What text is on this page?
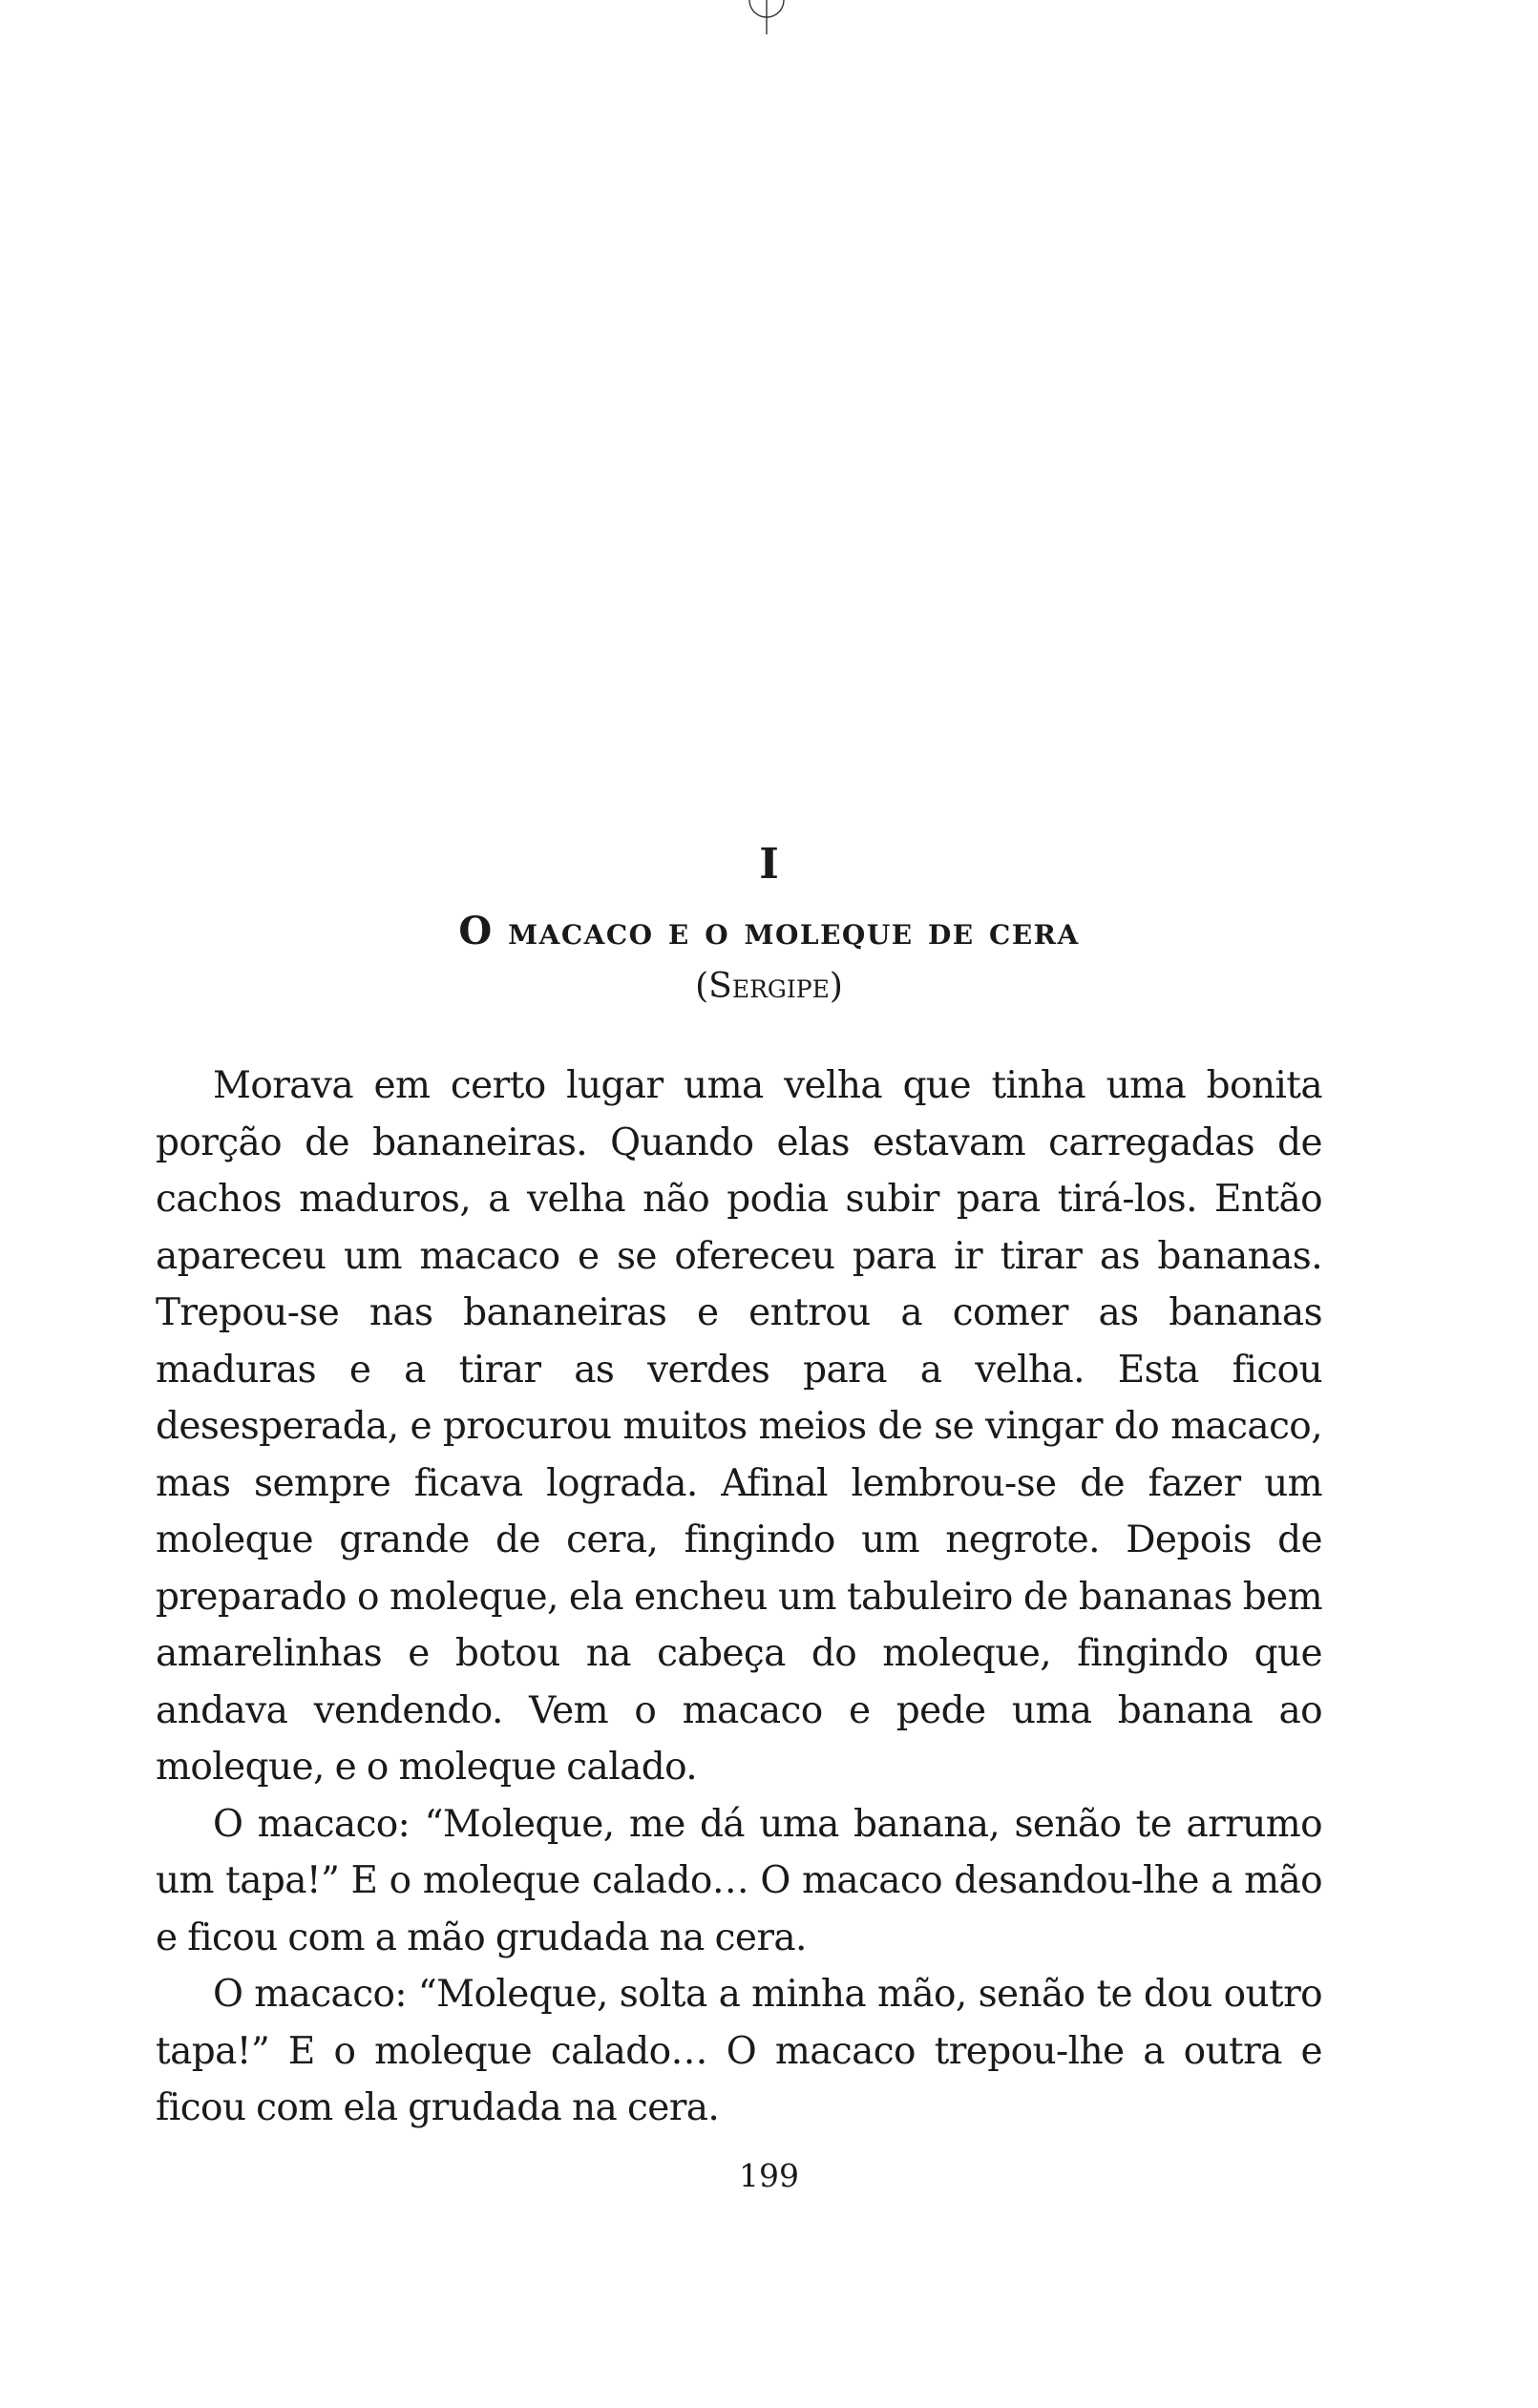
I
O macaco e o moleque de cera
(Sergipe)

Morava em certo lugar uma velha que tinha uma bonita porção de bananeiras. Quando elas estavam carregadas de cachos maduros, a velha não podia subir para tirá-los. Então apareceu um macaco e se ofereceu para ir tirar as bananas. Trepou-se nas bananeiras e entrou a comer as bananas maduras e a tirar as verdes para a velha. Esta ficou desesperada, e procurou muitos meios de se vingar do macaco, mas sempre ficava lograda. Afinal lembrou-se de fazer um moleque grande de cera, fingindo um negrote. Depois de preparado o moleque, ela encheu um tabuleiro de bananas bem amarelinhas e botou na cabeça do moleque, fingindo que andava vendendo. Vem o macaco e pede uma banana ao moleque, e o moleque calado.

O macaco: “Moleque, me dá uma banana, senão te arrumo um tapa!” E o moleque calado… O macaco desandou-lhe a mão e ficou com a mão grudada na cera.

O macaco: “Moleque, solta a minha mão, senão te dou outro tapa!” E o moleque calado… O macaco trepou-lhe a outra e ficou com ela grudada na cera.

199
